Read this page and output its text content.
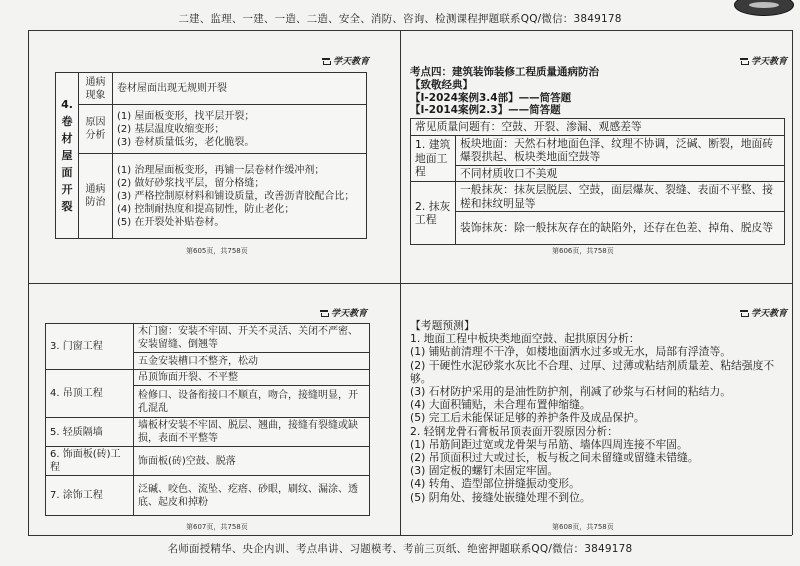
二建、监理、一建、一造、二造、安全、消防、咨询、检测课程押题联系QQ/微信：3849178
名师面授精华、央企内训、考点串讲、习题模考、考前三页纸、绝密押题联系QQ/微信：3849178
学天教育
4. 卷材屋面开裂	通病现象	卷材屋面出现无规则开裂

	原因分析	(1) 屋面板变形，找平层开裂；
(2) 基层温度收缩变形；
(3) 卷材质量低劣，老化脆裂。

	通病防治	(1) 治理屋面板变形，再铺一层卷材作缓冲剂；
(2) 做好砂浆找平层，留分格缝；
(3) 严格控制原材料和铺设质量，改善沥青胶配合比；
(4) 控制耐热度和提高韧性，防止老化；
(5) 在开裂处补贴卷材。
第605页，共758页
学天教育
考点四：建筑装饰装修工程质量通病防治
【致敬经典】
【Ⅰ-2024案例3.4部】——简答题
【Ⅰ-2014案例2.3】——简答题
常见质量问题有：空鼓、开裂、渗漏、观感差等	
1. 建筑地面工程	板块地面：天然石材地面色泽、纹理不协调，泛碱、断裂，地面砖爆裂拱起、板块类地面空鼓等
	不同材质收口不美观
2. 抹灰工程	一般抹灰：抹灰层脱层、空鼓，面层爆灰、裂缝、表面不平整、接槎和抹纹明显等
	装饰抹灰：除一般抹灰存在的缺陷外，还存在色差、掉角、脱皮等
第606页，共758页
学天教育
3. 门窗工程	木门窗：安装不牢固、开关不灵活、关闭不严密、安装留缝、倒翘等
	五金安装槽口不整齐，松动
4. 吊顶工程	吊顶饰面开裂、不平整
	检修口、设备衔接口不顺直，吻合，接缝明显，开孔混乱
5. 轻质隔墙	墙板材安装不牢固、脱层、翘曲，接缝有裂缝或缺损，表面不平整等
6. 饰面板(砖)工程	饰面板(砖)空鼓、脱落
7. 涂饰工程	泛碱、咬色、流坠、疙瘩、砂眼，刷纹、漏涂、透底、起皮和掉粉
第607页，共758页
学天教育
【考题预测】
1. 地面工程中板块类地面空鼓、起拱原因分析：
(1) 铺贴前清理不干净，如楼地面洒水过多或无水，局部有浮渣等。
(2) 干硬性水泥砂浆水灰比不合理、过厚、过薄或粘结剂质量差、粘结强度不够。
(3) 石材防护采用的是油性防护剂，削减了砂浆与石材间的粘结力。
(4) 大面积铺贴，未合理布置伸缩缝。
(5) 完工后未能保证足够的养护条件及成品保护。
2. 轻钢龙骨石膏板吊顶表面开裂原因分析：
(1) 吊筋间距过宽或龙骨架与吊筋、墙体四周连接不牢固。
(2) 吊顶面积过大或过长，板与板之间未留缝或留缝未错缝。
(3) 固定板的螺钉未固定牢固。
(4) 转角、造型部位拼缝振动变形。
(5) 阴角处、接缝处嵌缝处理不到位。
第608页，共758页
